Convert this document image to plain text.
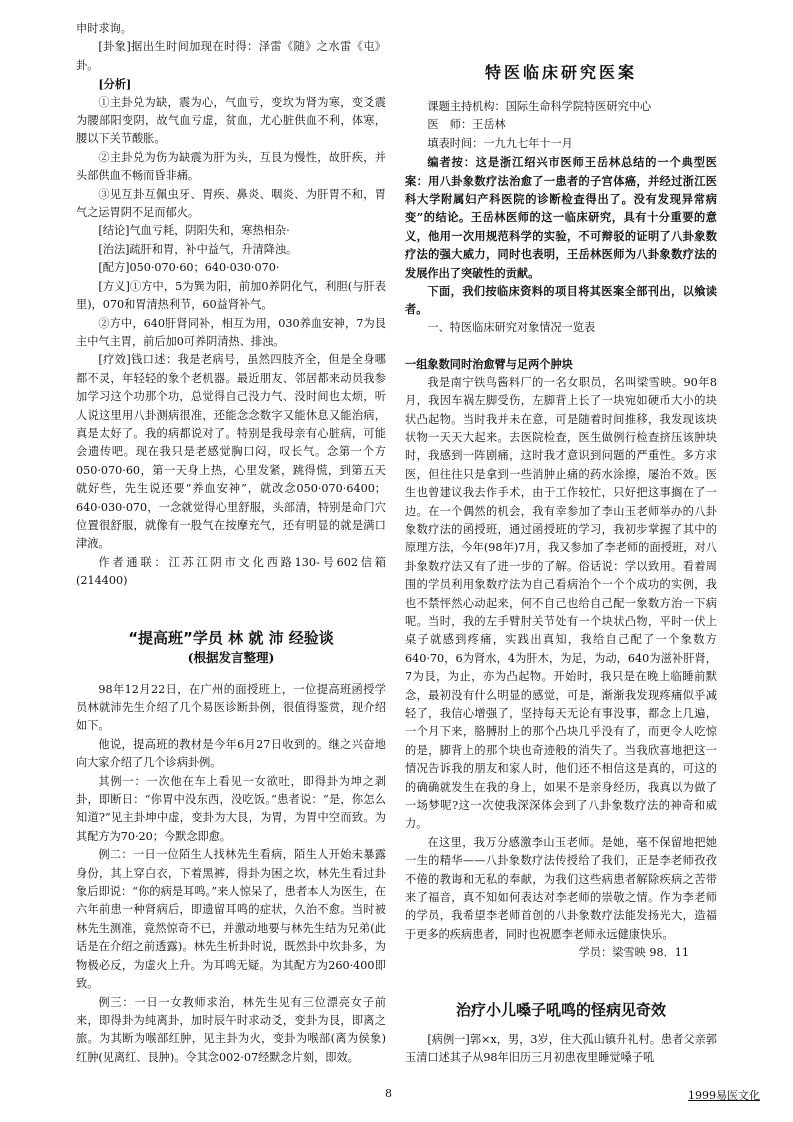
申时求询。

[卦象]据出生时间加现在时得：泽雷《随》之水雷《屯》卦。

[分析]

①主卦兑为缺，震为心，气血亏，变坎为肾为寒，变爻震为腰部阳变阴，故气血亏虚，贫血，尤心脏供血不利，体寒，腰以下关节酸胀。

②主卦兑为伤为缺震为肝为头，互艮为慢性，故肝疾，并头部供血不畅而昏非痛。

③见互卦互佩虫牙、胃疾、鼻炎、咽炎、为肝胃不和，胃气之运胃阴不足而郁火。

[结论]气血亏耗，阴阳失和，寒热相杂·

[治法]疏肝和胃，补中益气，升清降浊。

[配方]050·070·60；640·030·070·

[方义]①方中，5为巽为阳，前加0养阴化气，利胆(与肝表里)，070和胃清热利节，60益肾补气。

②方中，640肝肾同补，相互为用，030养血安神，7为艮主中气主胃，前后加0可养阴清热、排浊。

[疗效]钱口述：我是老病号，虽然四肢齐全，但是全身哪都不灵，年轻轻的象个老机器。最近朋友、邻居都来动员我参加学习这个功那个功，总觉得自己没力气、没时间也太烦，听人说这里用八卦测病很准，还能念念数字又能休息又能治病，真是太好了。我的病都说对了。特别是我母亲有心脏病，可能会遗传吧。现在我只是老感觉胸口闷，叹长气。念第一个方050·070·60，第一天身上热，心里发紧，跳得慌，到第五天就好些，先生说还要“养血安神”，就改念050·070·6400；640·030·070，一念就觉得心里舒服，头部清，特别是命门穴位置很舒服，就像有一股气在按摩充气，还有明显的就是满口津液。

作者通联：江苏江阴市文化西路130-号602信箱(214400)

“提高班”学员 林 就 沛 经验谈

(根据发言整理)

98年12月22日，在广州的面授班上，一位提高班函授学员林就沛先生介绍了几个易医诊断卦例，很值得鉴赏，现介绍如下。

他说，提高班的教材是今年6月27日收到的。继之兴奋地向大家介绍了几个诊病卦例。

其例一：一次他在车上看见一女欲吐，即得卦为坤之剥卦，即断日：“你胃中没东西，没吃饭。”患者说：“是，你怎么知道?”见主卦坤中虚，变卦为大艮，为胃，为胃中空而致。为其配方为70·20；今默念即愈。

例二：一日一位陌生人找林先生看病，陌生人开始未暴露身份，其上穿白衣，下着黑裤，得卦为困之坎，林先生看过卦象后即说：“你的病是耳鸣。”来人惊呆了，患者本人为医生，在六年前患一种肾病后，即遗留耳鸣的症状，久治不愈。当时被林先生测准，竟然惊奇不已，并激动地要与林先生结为兄弟(此话是在介绍之前透露)。林先生析卦时说，既然卦中坎卦多，为物极必反，为虚火上升。为耳鸣无疑。为其配方为260·400即致。

例三：一日一女教师求治，林先生见有三位漂亮女子前来，即得卦为纯离卦，加时辰午时求动爻，变卦为艮，即离之旅。为其断为喉部红肿，见主卦为火，变卦为喉部(离为侯象)红肿(见离红、艮肿)。令其念002·07经默念片刻，即效。

特医临床研究医案

课题主持机构：国际生命科学院特医研究中心

医　师：王岳林

填表时间：一九九七年十一月

编者按：这是浙江绍兴市医师王岳林总结的一个典型医案：用八卦象数疗法治愈了一患者的子宫体癌，并经过浙江医科大学附属妇产科医院的诊断检查得出了。没有发现异常病变”的结论。王岳林医师的这一临床研究，具有十分重要的意义，他用一次用规范科学的实验，不可辩驳的证明了八卦象数疗法的强大威力，同时也表明，王岳林医师为八卦象数疗法的发展作出了突破性的贡献。

下面，我们按临床资料的项目将其医案全部刊出，以飨读者。

一、特医临床研究对象情况一览表

一组象数同时治愈臂与足两个肿块

我是南宁铁鸟酱料厂的一名女职员，名叫梁雪映。90年8月，我因车祸左脚受伤，左脚背上长了一块宛如硬币大小的块状凸起物。当时我并未在意，可是随着时间推移，我发现该块状物一天天大起来。去医院检查，医生做例行检查挤压该肿块时，我感到一阵剧痛，这时我才意识到问题的严重性。多方求医，但往往只是拿到一些消肿止痛的药水涂擦，屡治不效。医生也曾建议我去作手术，由于工作较忙，只好把这事搁在了一边。在一个偶然的机会，我有幸参加了李山玉老师举办的八卦象数疗法的函授班，通过函授班的学习，我初步掌握了其中的原理方法，今年(98年)7月，我又参加了李老师的面授班，对八卦象数疗法又有了进一步的了解。俗话说：学以致用。看着周围的学员利用象数疗法为自己看病治个一个个成功的实例，我也不禁怦然心动起来，何不自己也给自己配一象数方治一下病呢。当时，我的左手臂肘关节处有一个块状凸物，平时一伏上桌子就感到疼痛，实践出真知，我给自己配了一个象数方640·70，6为肾水，4为肝木，为足，为动，640为滋补肝肾，7为艮，为止，亦为凸起物。开始时，我只是在晚上临睡前默念，最初没有什么明显的感觉，可是，渐渐我发现疼痛似乎减轻了，我信心增强了，坚持每天无论有事没事，都念上几遍，一个月下来，胳膊肘上的那个凸块几乎没有了，而更令人吃惊的是，脚背上的那个块也奇迹般的消失了。当我欣喜地把这一情况告诉我的朋友和家人时，他们还不相信这是真的，可这的的确确就发生在我的身上，如果不是亲身经历，我真以为做了一场梦呢?这一次使我深深体会到了八卦象数疗法的神奇和威力。

在这里，我万分感激李山玉老师。是她，毫不保留地把她一生的精华——八卦象数疗法传授给了我们，正是李老师孜孜不倦的教诲和无私的奉献，为我们这些病患者解除疾病之苦带来了福音，真不知如何表达对李老师的崇敬之情。作为李老师的学员，我希望李老师首创的八卦象数疗法能发扬光大，造福于更多的疾病患者，同时也祝愿李老师永远健康快乐。

学员：梁雪映 98．11

治疗小儿嗓子吼鸣的怪病见奇效

[病例一]郭×x，男，3岁，住大孤山镇升礼村。患者父亲郭玉清口述其子从98年旧历三月初患夜里睡觉嗓子吼

8	1999易医文化
